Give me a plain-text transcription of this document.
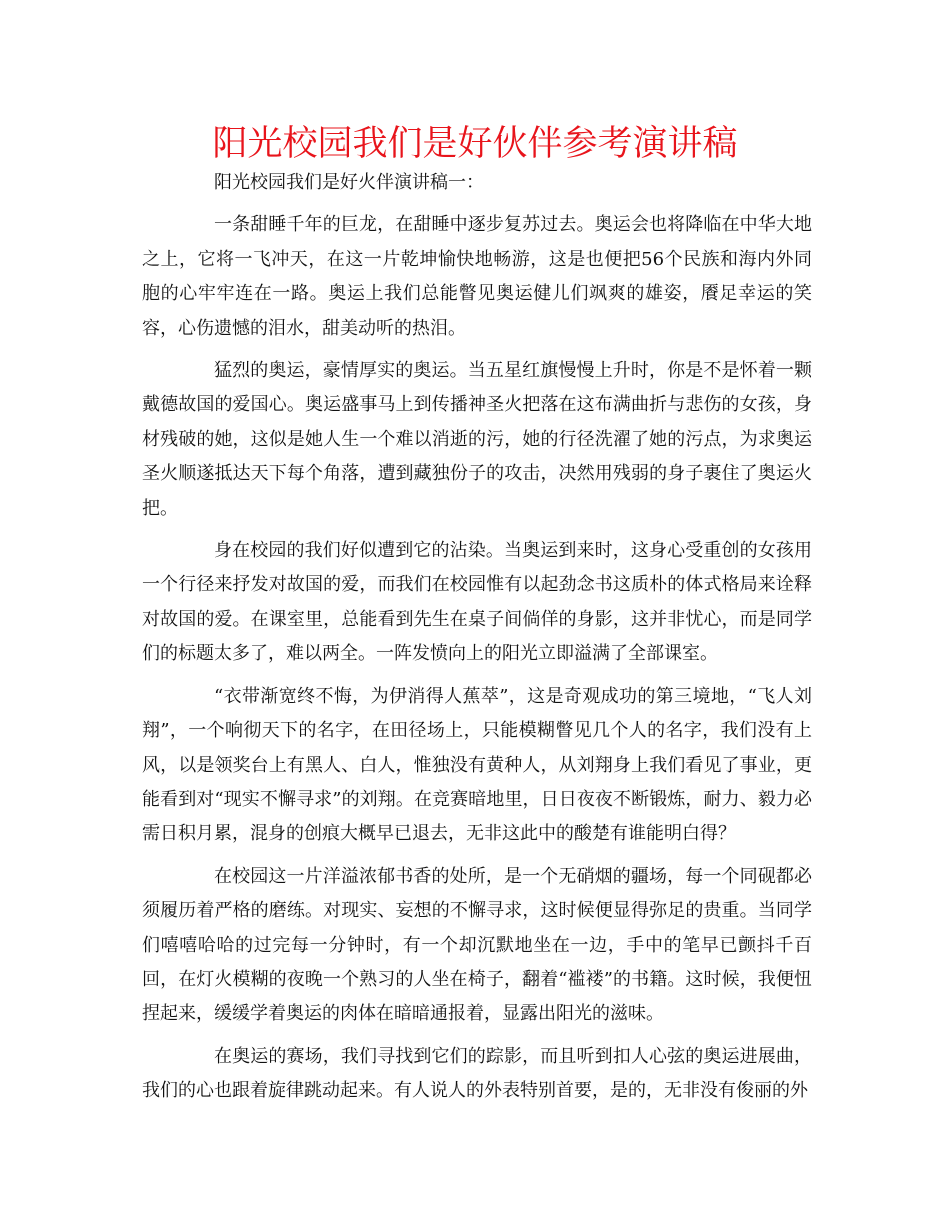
阳光校园我们是好伙伴参考演讲稿

阳光校园我们是好火伴演讲稿一：

一条甜睡千年的巨龙，在甜睡中逐步复苏过去。奥运会也将降临在中华大地之上，它将一飞冲天，在这一片乾坤愉快地畅游，这是也便把56个民族和海内外同胞的心牢牢连在一路。奥运上我们总能瞥见奥运健儿们飒爽的雄姿，餍足幸运的笑容，心伤遗憾的泪水，甜美动听的热泪。

猛烈的奥运，豪情厚实的奥运。当五星红旗慢慢上升时，你是不是怀着一颗戴德故国的爱国心。奥运盛事马上到传播神圣火把落在这布满曲折与悲伤的女孩，身材残破的她，这似是她人生一个难以消逝的污，她的行径洗濯了她的污点，为求奥运圣火顺遂抵达天下每个角落，遭到藏独份子的攻击，决然用残弱的身子裹住了奥运火把。

身在校园的我们好似遭到它的沾染。当奥运到来时，这身心受重创的女孩用一个行径来抒发对故国的爱，而我们在校园惟有以起劲念书这质朴的体式格局来诠释对故国的爱。在课室里，总能看到先生在桌子间倘佯的身影，这并非忧心，而是同学们的标题太多了，难以两全。一阵发愤向上的阳光立即溢满了全部课室。

“衣带渐宽终不悔，为伊消得人蕉萃”，这是奇观成功的第三境地，“飞人刘翔”，一个响彻天下的名字，在田径场上，只能模糊瞥见几个人的名字，我们没有上风，以是领奖台上有黑人、白人，惟独没有黄种人，从刘翔身上我们看见了事业，更能看到对“现实不懈寻求”的刘翔。在竞赛暗地里，日日夜夜不断锻炼，耐力、毅力必需日积月累，混身的创痕大概早已退去，无非这此中的酸楚有谁能明白得？

在校园这一片洋溢浓郁书香的处所，是一个无硝烟的疆场，每一个同砚都必须履历着严格的磨练。对现实、妄想的不懈寻求，这时候便显得弥足的贵重。当同学们嘻嘻哈哈的过完每一分钟时，有一个却沉默地坐在一边，手中的笔早已颤抖千百回，在灯火模糊的夜晚一个熟习的人坐在椅子，翻着“褴褛”的书籍。这时候，我便忸捏起来，缓缓学着奥运的肉体在暗暗通报着，显露出阳光的滋味。

在奥运的赛场，我们寻找到它们的踪影，而且听到扣人心弦的奥运进展曲，我们的心也跟着旋律跳动起来。有人说人的外表特别首要，是的，无非没有俊丽的外
